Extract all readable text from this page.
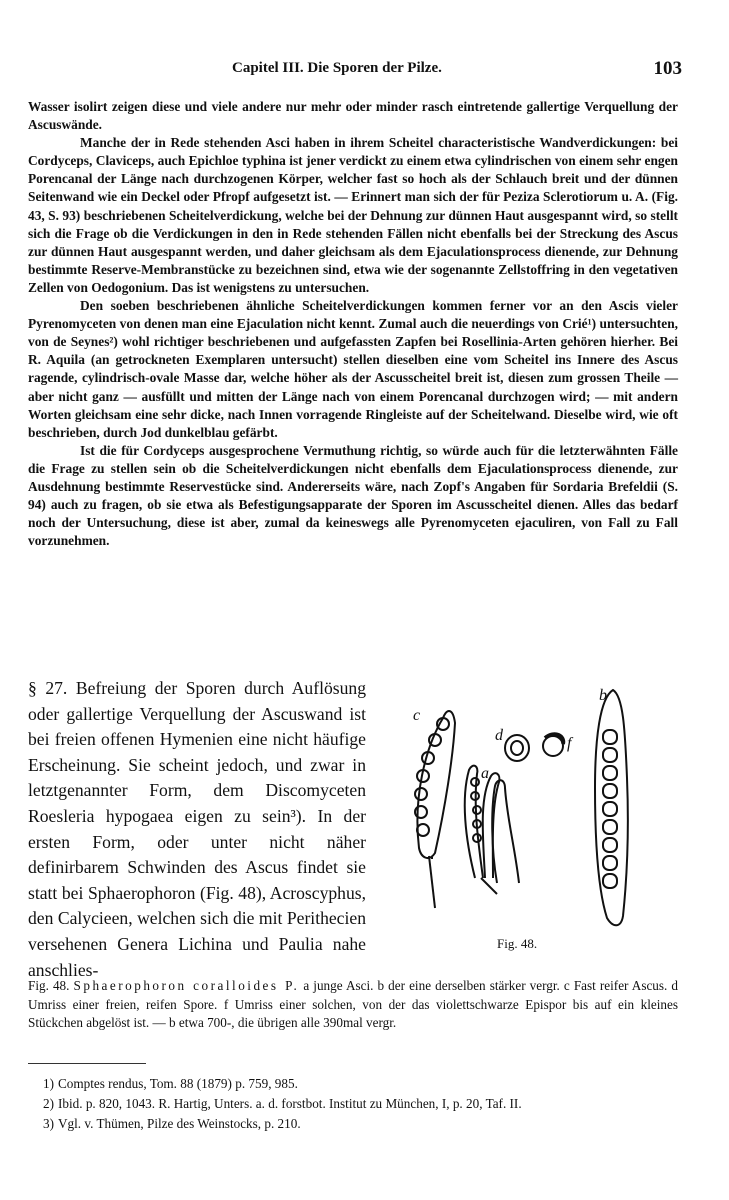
Capitel III. Die Sporen der Pilze.	103

Wasser isolirt zeigen diese und viele andere nur mehr oder minder rasch eintretende gallertige Verquellung der Ascuswände.

Manche der in Rede stehenden Asci haben in ihrem Scheitel characteristische Wandverdickungen: bei Cordyceps, Claviceps, auch Epichloe typhina ist jener verdickt zu einem etwa cylindrischen von einem sehr engen Porencanal der Länge nach durchzogenen Körper, welcher fast so hoch als der Schlauch breit und der dünnen Seitenwand wie ein Deckel oder Pfropf aufgesetzt ist. — Erinnert man sich der für Peziza Sclerotiorum u. A. (Fig. 43, S. 93) beschriebenen Scheitelverdickung, welche bei der Dehnung zur dünnen Haut ausgespannt wird, so stellt sich die Frage ob die Verdickungen in den in Rede stehenden Fällen nicht ebenfalls bei der Streckung des Ascus zur dünnen Haut ausgespannt werden, und daher gleichsam als dem Ejaculationsprocess dienende, zur Dehnung bestimmte Reserve-Membranstücke zu bezeichnen sind, etwa wie der sogenannte Zellstoffring in den vegetativen Zellen von Oedogonium. Das ist wenigstens zu untersuchen.

Den soeben beschriebenen ähnliche Scheitelverdickungen kommen ferner vor an den Ascis vieler Pyrenomyceten von denen man eine Ejaculation nicht kennt. Zumal auch die neuerdings von Crié¹) untersuchten, von de Seynes²) wohl richtiger beschriebenen und aufgefassten Zapfen bei Rosellinia-Arten gehören hierher. Bei R. Aquila (an getrockneten Exemplaren untersucht) stellen dieselben eine vom Scheitel ins Innere des Ascus ragende, cylindrisch-ovale Masse dar, welche höher als der Ascusscheitel breit ist, diesen zum grossen Theile — aber nicht ganz — ausfüllt und mitten der Länge nach von einem Porencanal durchzogen wird; — mit andern Worten gleichsam eine sehr dicke, nach Innen vorragende Ringleiste auf der Scheitelwand. Dieselbe wird, wie oft beschrieben, durch Jod dunkelblau gefärbt.

Ist die für Cordyceps ausgesprochene Vermuthung richtig, so würde auch für die letzterwähnten Fälle die Frage zu stellen sein ob die Scheitelverdickungen nicht ebenfalls dem Ejaculationsprocess dienende, zur Ausdehnung bestimmte Reservestücke sind. Andererseits wäre, nach Zopf's Angaben für Sordaria Brefeldii (S. 94) auch zu fragen, ob sie etwa als Befestigungsapparate der Sporen im Ascusscheitel dienen. Alles das bedarf noch der Untersuchung, diese ist aber, zumal da keineswegs alle Pyrenomyceten ejaculiren, von Fall zu Fall vorzunehmen.

§ 27. Befreiung der Sporen durch Auflösung oder gallertige Verquellung der Ascuswand ist bei freien offenen Hymenien eine nicht häufige Erscheinung. Sie scheint jedoch, und zwar in letztgenannter Form, dem Discomyceten Roesleria hypogaea eigen zu sein³). In der ersten Form, oder unter nicht näher definirbarem Schwinden des Ascus findet sie statt bei Sphaerophoron (Fig. 48), Acroscyphus, den Calycieen, welchen sich die mit Perithecien versehenen Genera Lichina und Paulia nahe anschlies-
c
d	f
a
b
Fig. 48.
Fig. 48. Sphaerophoron coralloides P. a junge Asci. b der eine derselben stärker vergr. c Fast reifer Ascus. d Umriss einer freien, reifen Spore. f Umriss einer solchen, von der das violettschwarze Epispor bis auf ein kleines Stückchen abgelöst ist. — b etwa 700-, die übrigen alle 390mal vergr.

1) Comptes rendus, Tom. 88 (1879) p. 759, 985.

2) Ibid. p. 820, 1043. R. Hartig, Unters. a. d. forstbot. Institut zu München, I, p. 20, Taf. II.

3) Vgl. v. Thümen, Pilze des Weinstocks, p. 210.
